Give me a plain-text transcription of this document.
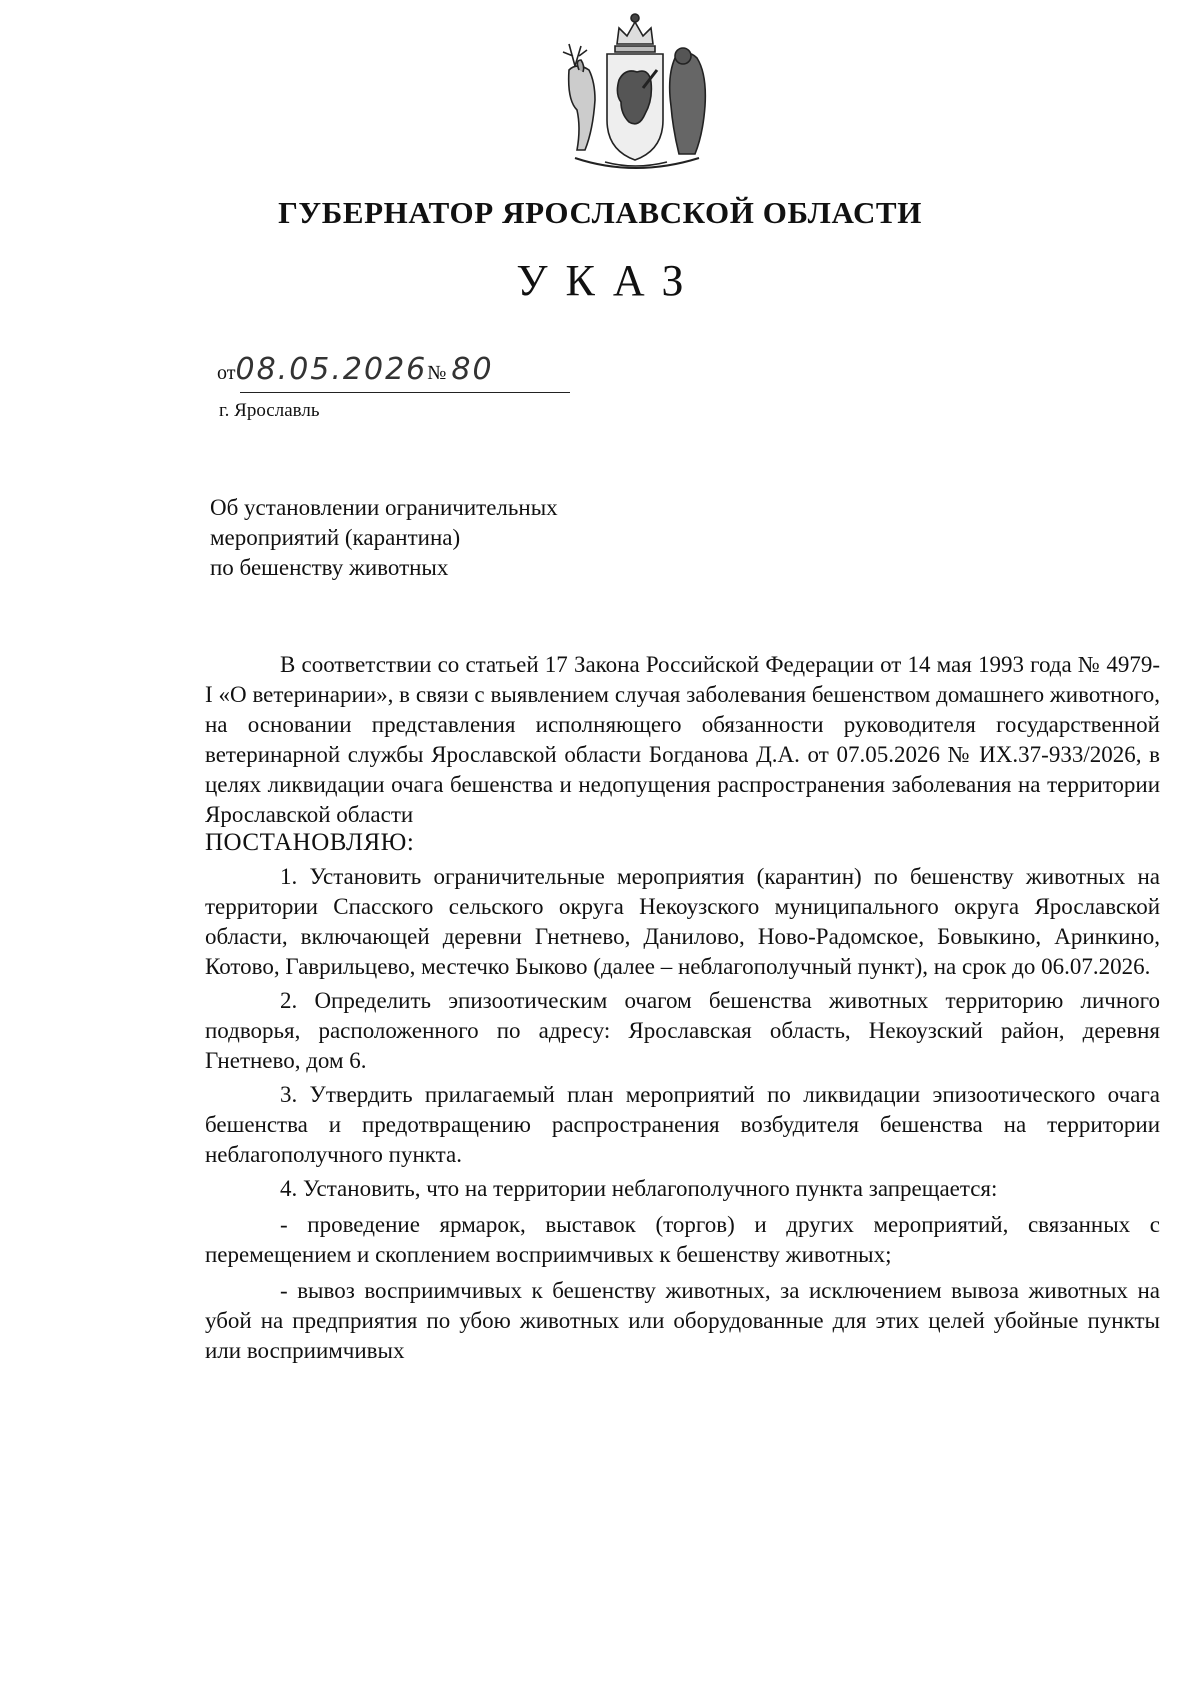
ГУБЕРНАТОР ЯРОСЛАВСКОЙ ОБЛАСТИ
УКАЗ
от08.05.2026№ 80
г. Ярославль
Об установлении ограничительных
мероприятий (карантина)
по бешенству животных

В соответствии со статьей 17 Закона Российской Федерации от 14 мая 1993 года № 4979-I «О ветеринарии», в связи с выявлением случая заболевания бешенством домашнего животного, на основании представления исполняющего обязанности руководителя государственной ветеринарной службы Ярославской области Богданова Д.А. от 07.05.2026 № ИХ.37-933/2026, в целях ликвидации очага бешенства и недопущения распространения заболевания на территории Ярославской области

ПОСТАНОВЛЯЮ:

1. Установить ограничительные мероприятия (карантин) по бешенству животных на территории Спасского сельского округа Некоузского муниципального округа Ярославской области, включающей деревни Гнетнево, Данилово, Ново-Радомское, Бовыкино, Аринкино, Котово, Гаврильцево, местечко Быково (далее – неблагополучный пункт), на срок до 06.07.2026.

2. Определить эпизоотическим очагом бешенства животных территорию личного подворья, расположенного по адресу: Ярославская область, Некоузский район, деревня Гнетнево, дом 6.

3. Утвердить прилагаемый план мероприятий по ликвидации эпизоотического очага бешенства и предотвращению распространения возбудителя бешенства на территории неблагополучного пункта.

4. Установить, что на территории неблагополучного пункта запрещается:

- проведение ярмарок, выставок (торгов) и других мероприятий, связанных с перемещением и скоплением восприимчивых к бешенству животных;

- вывоз восприимчивых к бешенству животных, за исключением вывоза животных на убой на предприятия по убою животных или оборудованные для этих целей убойные пункты или восприимчивых
